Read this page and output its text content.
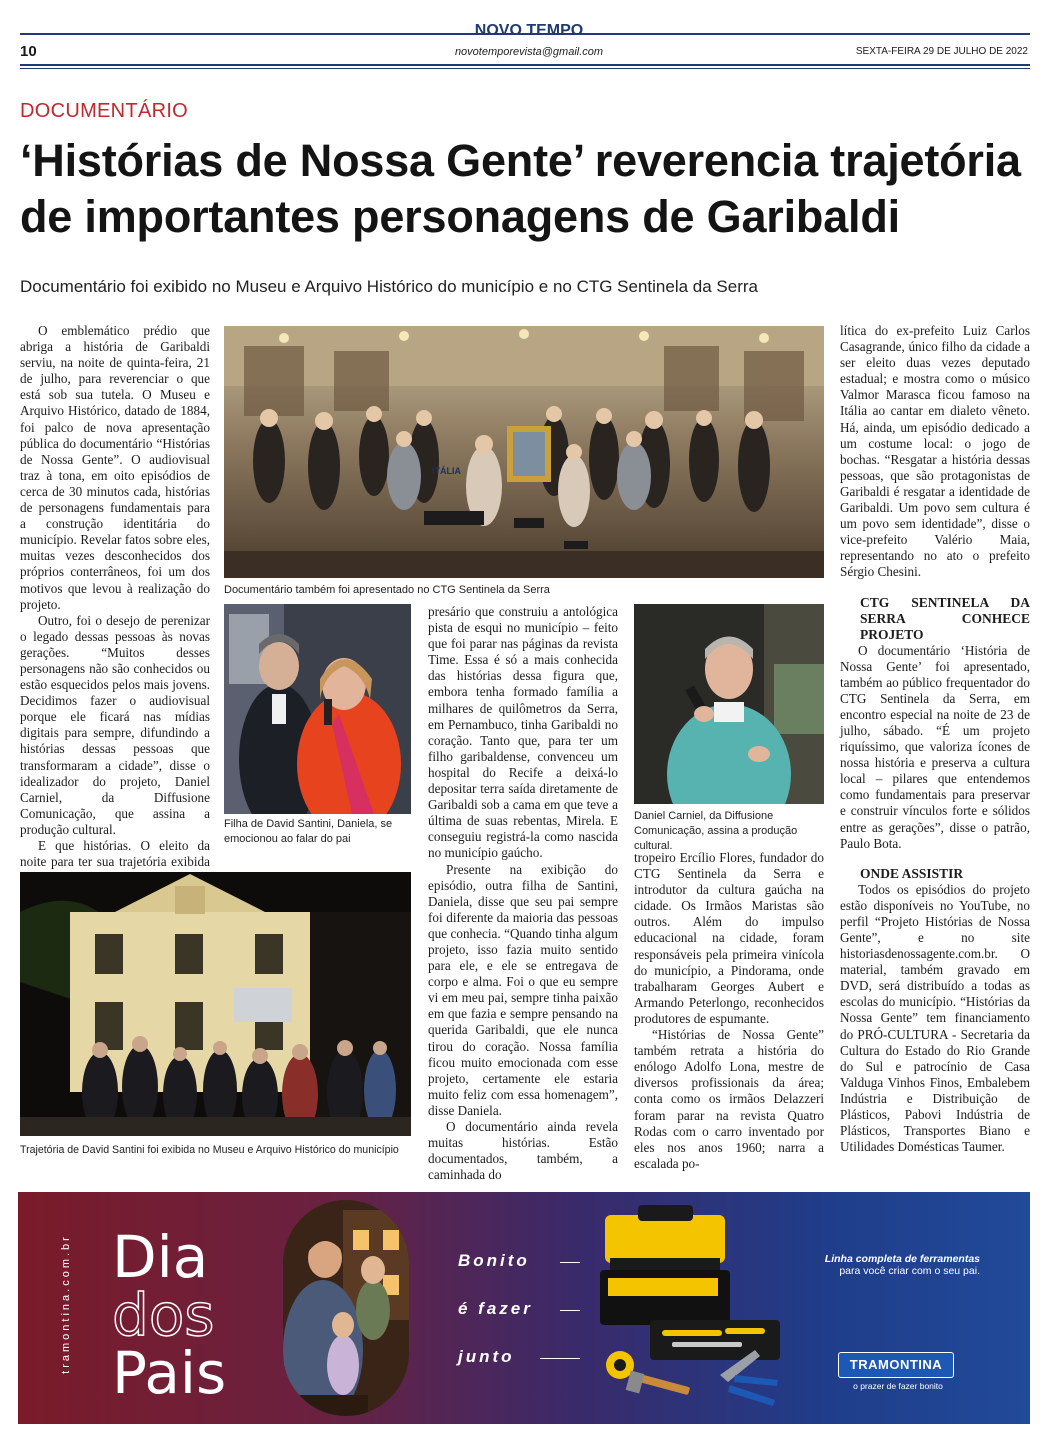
NOVO TEMPO
novotemporevista@gmail.com
10	SEXTA-FEIRA 29 DE JULHO DE 2022
DOCUMENTÁRIO
‘Histórias de Nossa Gente’ reverencia trajetória
de importantes personagens de Garibaldi
Documentário foi exibido no Museu e Arquivo Histórico do município e no CTG Sentinela da Serra

O emblemático prédio que abriga a história de Garibaldi serviu, na noite de quinta-feira, 21 de julho, para reverenciar o que está sob sua tutela. O Museu e Arquivo Histórico, datado de 1884, foi palco de nova apresentação pública do documentário “Histórias de Nossa Gente”. O audiovisual traz à tona, em oito episódios de cerca de 30 minutos cada, histórias de personagens fundamentais para a construção identitária do município. Revelar fatos sobre eles, muitas vezes desconhecidos dos próprios conterrâneos, foi um dos motivos que levou à realização do projeto.

Outro, foi o desejo de perenizar o legado dessas pessoas às novas gerações. “Muitos desses personagens não são conhecidos ou estão esquecidos pelos mais jovens. Decidimos fazer o audiovisual porque ele ficará nas mídias digitais para sempre, difundindo a histórias dessas pessoas que transformaram a cidade”, disse o idealizador do projeto, Daniel Carniel, da Diffusione Comunicação, que assina a produção cultural.

E que histórias. O eleito da noite para ter sua trajetória exibida

ITÁLIA
Documentário também foi apresentado no CTG Sentinela da Serra
Filha de David Santini, Daniela, se emocionou ao falar do pai
Trajetória de David Santini foi exibida no Museu e Arquivo Histórico do município

presário que construiu a antológica pista de esqui no município – feito que foi parar nas páginas da revista Time. Essa é só a mais conhecida das histórias dessa figura que, embora tenha formado família a milhares de quilômetros da Serra, em Pernambuco, tinha Garibaldi no coração. Tanto que, para ter um filho garibaldense, convenceu um hospital do Recife a deixá-lo depositar terra saída diretamente de Garibaldi sob a cama em que teve a última de suas rebentas, Mirela. E conseguiu registrá-la como nascida no município gaúcho.

Presente na exibição do episódio, outra filha de Santini, Daniela, disse que seu pai sempre foi diferente da maioria das pessoas que conhecia. “Quando tinha algum projeto, isso fazia muito sentido para ele, e ele se entregava de corpo e alma. Foi o que eu sempre vi em meu pai, sempre tinha paixão em que fazia e sempre pensando na querida Garibaldi, que ele nunca tirou do coração. Nossa família ficou muito emocionada com esse projeto, certamente ele estaria muito feliz com essa homenagem”, disse Daniela.

O documentário ainda revela muitas histórias. Estão documentados, também, a caminhada do

Daniel Carniel, da Diffusione Comunicação, assina a produção cultural.

tropeiro Ercílio Flores, fundador do CTG Sentinela da Serra e introdutor da cultura gaúcha na cidade. Os Irmãos Maristas são outros. Além do impulso educacional na cidade, foram responsáveis pela primeira vinícola do município, a Pindorama, onde trabalharam Georges Aubert e Armando Peterlongo, reconhecidos produtores de espumante.

“Histórias de Nossa Gente” também retrata a história do enólogo Adolfo Lona, mestre de diversos profissionais da área; conta como os irmãos Delazzeri foram parar na revista Quatro Rodas com o carro inventado por eles nos anos 1960; narra a escalada po-

lítica do ex-prefeito Luiz Carlos Casagrande, único filho da cidade a ser eleito duas vezes deputado estadual; e mostra como o músico Valmor Marasca ficou famoso na Itália ao cantar em dialeto vêneto. Há, ainda, um episódio dedicado a um costume local: o jogo de bochas. “Resgatar a história dessas pessoas, que são protagonistas de Garibaldi é resgatar a identidade de Garibaldi. Um povo sem cultura é um povo sem identidade”, disse o vice-prefeito Valério Maia, representando no ato o prefeito Sérgio Chesini.

CTG SENTINELA DA SERRA CONHECE PROJETO

O documentário ‘História de Nossa Gente’ foi apresentado, também ao público frequentador do CTG Sentinela da Serra, em encontro especial na noite de 23 de julho, sábado. “É um projeto riquíssimo, que valoriza ícones de nossa história e preserva a cultura local – pilares que entendemos como fundamentais para preservar e construir vínculos forte e sólidos entre as gerações”, disse o patrão, Paulo Bota.

ONDE ASSISTIR

Todos os episódios do projeto estão disponíveis no YouTube, no perfil “Projeto Histórias de Nossa Gente”, e no site historiasdenossagente.com.br. O material, também gravado em DVD, será distribuído a todas as escolas do município. “Histórias da Nossa Gente” tem financiamento do PRÓ-CULTURA - Secretaria da Cultura do Estado do Rio Grande do Sul e patrocínio de Casa Valduga Vinhos Finos, Embalebem Indústria e Distribuição de Plásticos, Pabovi Indústria de Plásticos, Transportes Biano e Utilidades Domésticas Taumer.

tramontina.com.br Dia
dos
Pais
Bonito
é fazer
junto
Linha completa de ferramentas
para você criar com o seu pai.
TRAMONTINA
o prazer de fazer bonito
